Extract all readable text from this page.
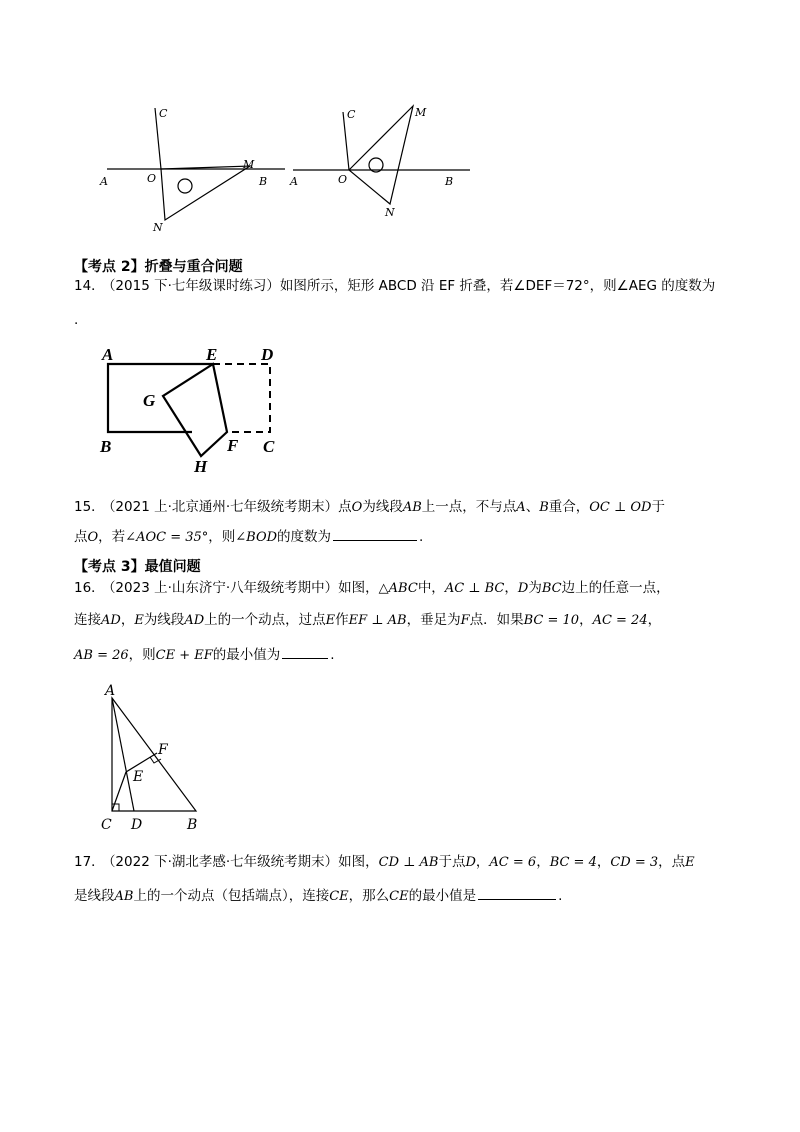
A	O	B
C
M
N
A	O	B
C	M
N
【考点 2】折叠与重合问题
14． （2015 下·七年级课时练习）如图所示，矩形 ABCD 沿 EF 折叠，若∠DEF＝72°，则∠AEG 的度数为
.
A	E	D
G
B	F C
H
15． （2021 上·北京通州·七年级统考期末）点O为线段AB上一点，不与点A、B重合，OC ⊥ OD于
点O，若∠AOC = 35°，则∠BOD的度数为	.
【考点 3】最值问题
16． （2023 上·山东济宁·八年级统考期中）如图，△ABC中，AC ⊥ BC，D为BC边上的任意一点，
连接AD，E为线段AD上的一个动点，过点E作EF ⊥ AB，垂足为F点．如果BC = 10，AC = 24，
AB = 26，则CE + EF的最小值为	.
A
F
E
C D	B
17． （2022 下·湖北孝感·七年级统考期末）如图，CD ⊥ AB于点D，AC = 6，BC = 4，CD = 3，点E
是线段AB上的一个动点（包括端点），连接CE，那么CE的最小值是	.
